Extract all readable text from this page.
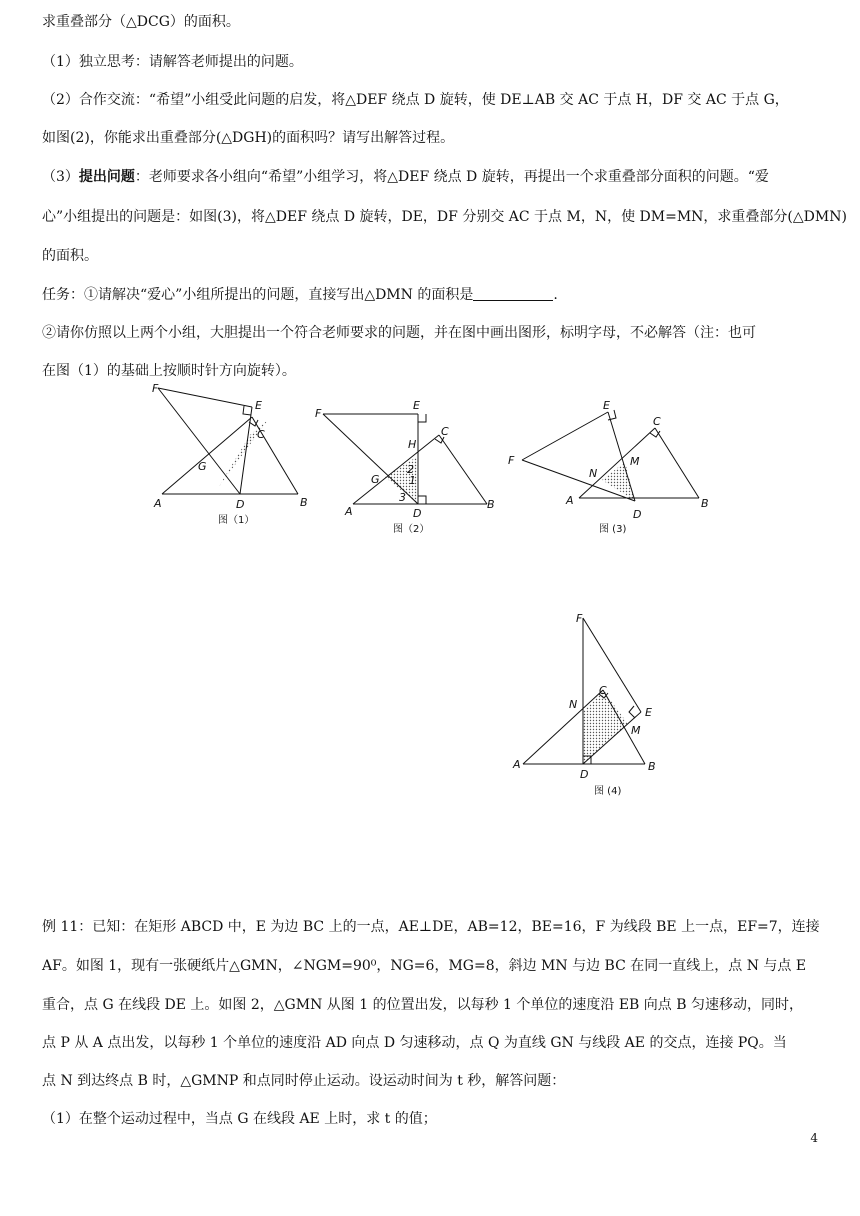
求重叠部分（△DCG）的面积。
（1）独立思考：请解答老师提出的问题。
（2）合作交流：“希望”小组受此问题的启发，将△DEF 绕点 D 旋转，使 DE⊥AB 交 AC 于点 H，DF 交 AC 于点 G，
如图(2)，你能求出重叠部分(△DGH)的面积吗？请写出解答过程。
（3）提出问题：老师要求各小组向“希望”小组学习，将△DEF 绕点 D 旋转，再提出一个求重叠部分面积的问题。“爱
心”小组提出的问题是：如图(3)，将△DEF 绕点 D 旋转，DE，DF 分别交 AC 于点 M，N，使 DM=MN，求重叠部分(△DMN)
的面积。
任务：①请解决“爱心”小组所提出的问题，直接写出△DMN 的面积是	.
②请你仿照以上两个小组，大胆提出一个符合老师要求的问题，并在图中画出图形，标明字母，不必解答（注：也可
在图（1）的基础上按顺时针方向旋转）。
F
E
C
G
A	D	B
图（1）
F
E
C
H
G
2
1
3
A	D
B
图（2）
F
E
C
N
M
A
D
B
图 (3)
F
N
C
E
M
A
D
B
图 (4)
例 11：已知：在矩形 ABCD 中，E 为边 BC 上的一点，AE⊥DE，AB=12，BE=16，F 为线段 BE 上一点，EF=7，连接
AF。如图 1，现有一张硬纸片△GMN，∠NGM=90⁰，NG=6，MG=8，斜边 MN 与边 BC 在同一直线上，点 N 与点 E
重合，点 G 在线段 DE 上。如图 2，△GMN 从图 1 的位置出发，以每秒 1 个单位的速度沿 EB 向点 B 匀速移动，同时，
点 P 从 A 点出发，以每秒 1 个单位的速度沿 AD 向点 D 匀速移动，点 Q 为直线 GN 与线段 AE 的交点，连接 PQ。当
点 N 到达终点 B 时，△GMNP 和点同时停止运动。设运动时间为 t 秒，解答问题：
（1）在整个运动过程中，当点 G 在线段 AE 上时，求 t 的值；
4
